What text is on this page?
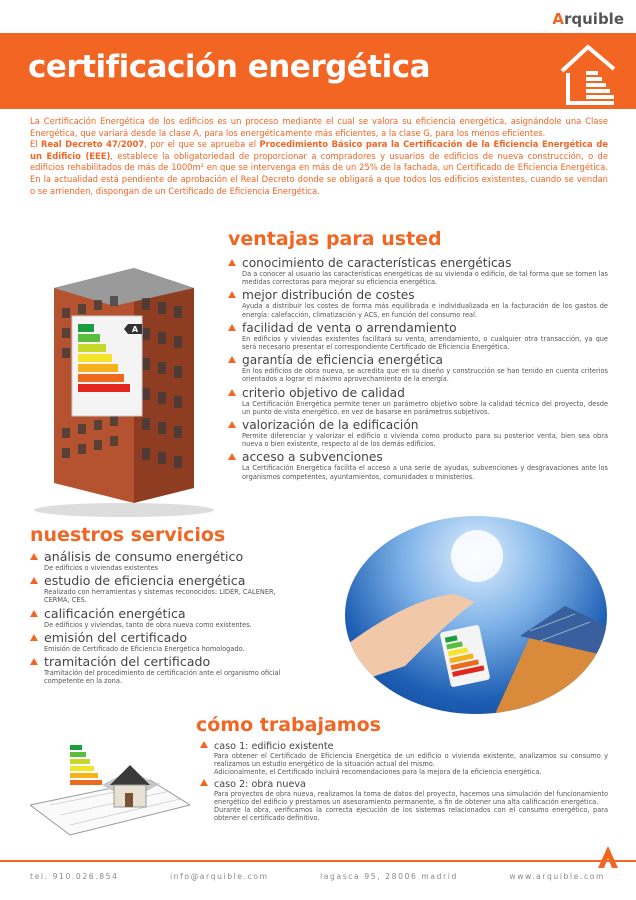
Arquible
certificación energética

La Certificación Energética de los edificios es un proceso mediante el cual se valora su eficiencia energética, asignándole una Clase Energética, que variará desde la clase A, para los energéticamente más eficientes, a la clase G, para los menos eficientes.

El Real Decreto 47/2007, por el que se aprueba el Procedimiento Básico para la Certificación de la Eficiencia Energética de un Edificio (EEE), establece la obligatoriedad de proporcionar a compradores y usuarios de edificios de nueva construcción, o de edificios rehabilitados de más de 1000m² en que se intervenga en más de un 25% de la fachada, un Certificado de Eficiencia Energética. En la actualidad está pendiente de aprobación el Real Decreto donde se obligará a que todos los edificios existentes, cuando se vendan o se arrienden, dispongan de un Certificado de Eficiencia Energética.

ventajas para usted
A
conocimiento de características energéticas
Da a conocer al usuario las características energéticas de su vivienda o edificio, de tal forma que se tomen las medidas correctoras para mejorar su eficiencia energética.
mejor distribución de costes
Ayuda a distribuir los costes de forma más equilibrada e individualizada en la facturación de los gastos de energía: calefacción, climatización y ACS, en función del consumo real.
facilidad de venta o arrendamiento
En edificios y viviendas existentes facilitará su venta, arrendamiento, o cualquier otra transacción, ya que será necesario presentar el correspondiente Certificado de Eficiencia Energética.
garantía de eficiencia energética
En los edificios de obra nueva, se acredita que en su diseño y construcción se han tenido en cuenta criterios orientados a lograr el máximo aprovechamiento de la energía.
criterio objetivo de calidad
La Certificación Energética permite tener un parámetro objetivo sobre la calidad técnica del proyecto, desde un punto de vista energético, en vez de basarse en parámetros subjetivos.
valorización de la edificación
Permite diferenciar y valorizar el edificio o vivienda como producto para su posterior venta, bien sea obra nueva o bien existente, respecto al de los demás edificios.
acceso a subvenciones
La Certificación Energética facilita el acceso a una serie de ayudas, subvenciones y desgravaciones ante los organismos competentes, ayuntamientos, comunidades o ministerios.
nuestros servicios
análisis de consumo energético
De edificios o viviendas existentes
estudio de eficiencia energética
Realizado con herramientas y sistemas reconocidos: LIDER, CALENER, CERMA, CES.
calificación energética
De edificios y viviendas, tanto de obra nueva como existentes.
emisión del certificado
Emisión de Certificado de Eficiencia Energética homologado.
tramitación del certificado
Tramitación del procedimiento de certificación ante el organismo oficial competente en la zona.
cómo trabajamos
caso 1: edificio existente
Para obtener el Certificado de Eficiencia Energética de un edificio o vivienda existente, analizamos su consumo y realizamos un estudio energético de la situación actual del mismo.
Adicionalmente, el Certificado incluirá recomendaciones para la mejora de la eficiencia energética.
caso 2: obra nueva
Para proyectos de obra nueva, realizamos la toma de datos del proyecto, hacemos una simulación del funcionamiento energético del edificio y prestamos un asesoramiento permanente, a fin de obtener una alta calificación energética.
Durante la obra, verificamos la correcta ejecución de los sistemas relacionados con el consumo energético, para obtener el certificado definitivo.
tel. 910.026.854	info@arquible.com	lagasca 95, 28006 madrid	www.arquible.com
